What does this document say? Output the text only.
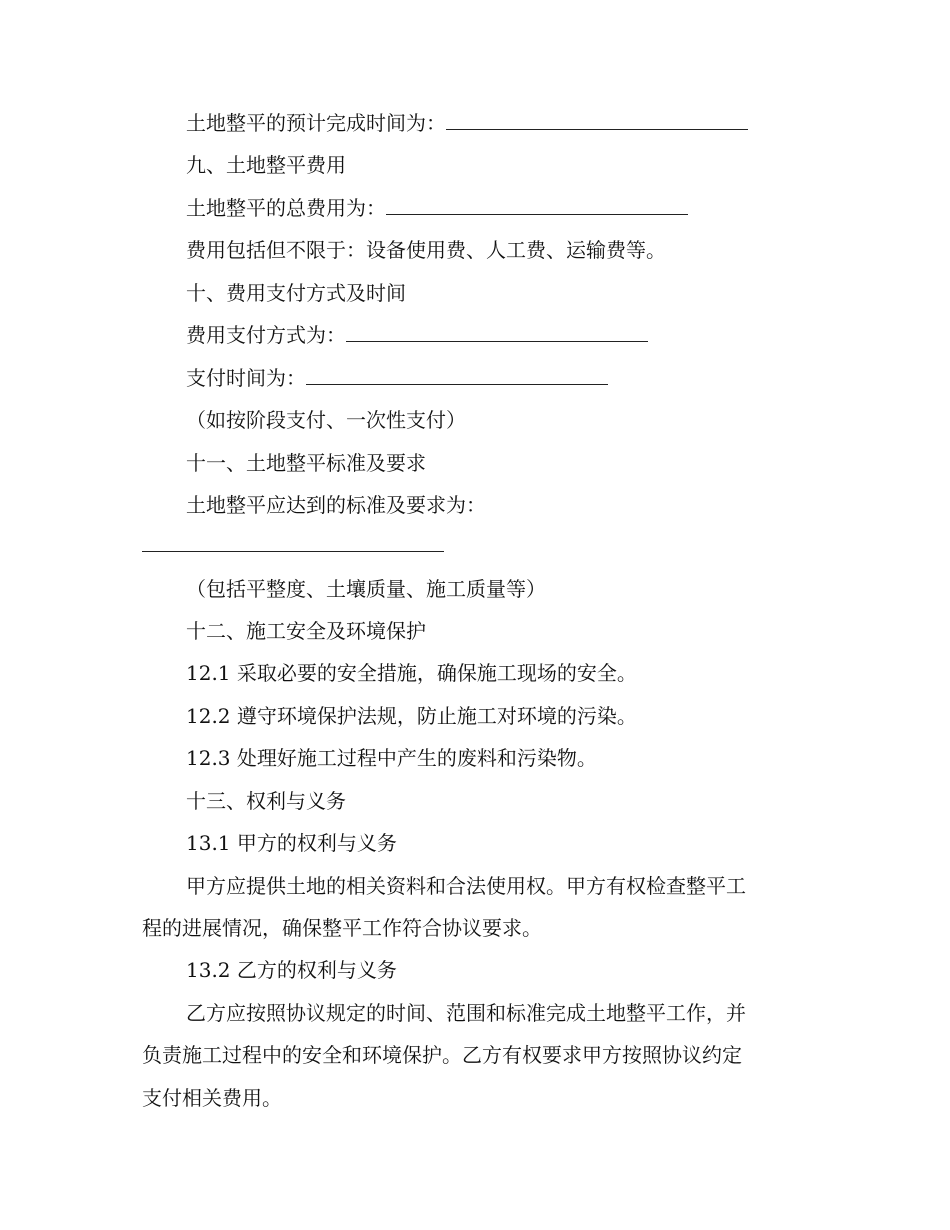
土地整平的预计完成时间为：
九、土地整平费用
土地整平的总费用为：
费用包括但不限于：设备使用费、人工费、运输费等。
十、费用支付方式及时间
费用支付方式为：
支付时间为：
（如按阶段支付、一次性支付）
十一、土地整平标准及要求
土地整平应达到的标准及要求为：
（包括平整度、土壤质量、施工质量等）
十二、施工安全及环境保护
12.1 采取必要的安全措施，确保施工现场的安全。
12.2 遵守环境保护法规，防止施工对环境的污染。
12.3 处理好施工过程中产生的废料和污染物。
十三、权利与义务
13.1 甲方的权利与义务
甲方应提供土地的相关资料和合法使用权。甲方有权检查整平工
程的进展情况，确保整平工作符合协议要求。
13.2 乙方的权利与义务
乙方应按照协议规定的时间、范围和标准完成土地整平工作，并
负责施工过程中的安全和环境保护。乙方有权要求甲方按照协议约定
支付相关费用。
